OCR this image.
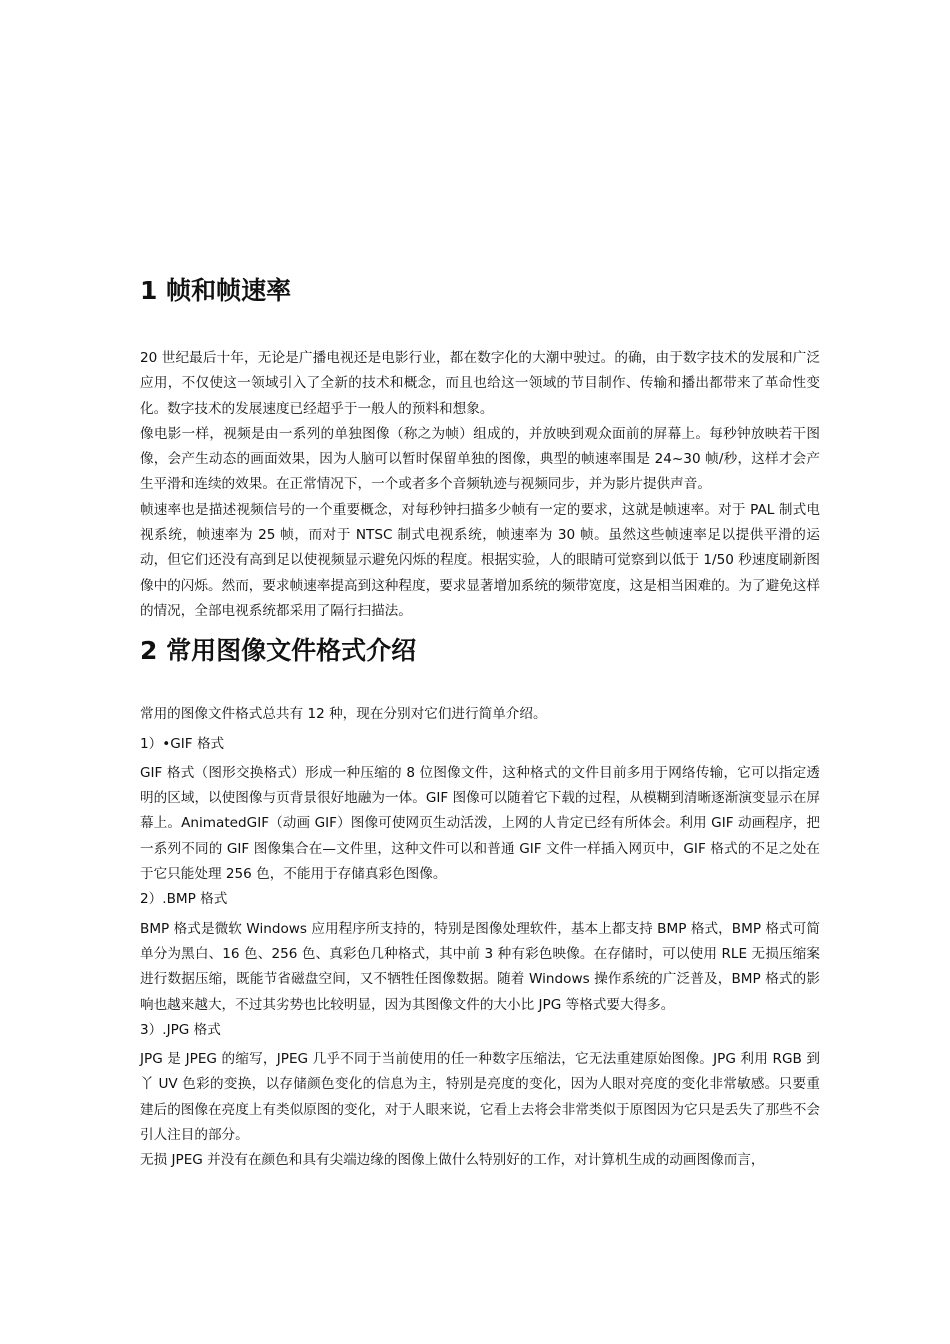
1 帧和帧速率

20 世纪最后十年，无论是广播电视还是电影行业，都在数字化的大潮中驶过。的确，由于数字技术的发展和广泛应用，不仅使这一领域引入了全新的技术和概念，而且也给这一领域的节目制作、传输和播出都带来了革命性变化。数字技术的发展速度已经超乎于一般人的预料和想象。

像电影一样，视频是由一系列的单独图像（称之为帧）组成的，并放映到观众面前的屏幕上。每秒钟放映若干图像，会产生动态的画面效果，因为人脑可以暂时保留单独的图像，典型的帧速率围是 24~30 帧/秒，这样才会产生平滑和连续的效果。在正常情况下，一个或者多个音频轨迹与视频同步，并为影片提供声音。

帧速率也是描述视频信号的一个重要概念，对每秒钟扫描多少帧有一定的要求，这就是帧速率。对于 PAL 制式电视系统，帧速率为 25 帧，而对于 NTSC 制式电视系统，帧速率为 30 帧。虽然这些帧速率足以提供平滑的运动，但它们还没有高到足以使视频显示避免闪烁的程度。根据实验，人的眼睛可觉察到以低于 1/50 秒速度刷新图像中的闪烁。然而，要求帧速率提高到这种程度，要求显著增加系统的频带宽度，这是相当困难的。为了避免这样的情况，全部电视系统都采用了隔行扫描法。

2 常用图像文件格式介绍

常用的图像文件格式总共有 12 种，现在分别对它们进行简单介绍。

1）•GIF 格式

GIF 格式（图形交换格式）形成一种压缩的 8 位图像文件，这种格式的文件目前多用于网络传输，它可以指定透明的区域，以使图像与页背景很好地融为一体。GIF 图像可以随着它下载的过程，从模糊到清晰逐渐演变显示在屏幕上。AnimatedGIF（动画 GIF）图像可使网页生动活泼，上网的人肯定已经有所体会。利用 GIF 动画程序，把一系列不同的 GIF 图像集合在—文件里，这种文件可以和普通 GIF 文件一样插入网页中，GIF 格式的不足之处在于它只能处理 256 色，不能用于存储真彩色图像。

2）.BMP 格式

BMP 格式是微软 Windows 应用程序所支持的，特别是图像处理软件，基本上都支持 BMP 格式，BMP 格式可简单分为黑白、16 色、256 色、真彩色几种格式，其中前 3 种有彩色映像。在存储时，可以使用 RLE 无损压缩案进行数据压缩，既能节省磁盘空间，又不牺牲任图像数据。随着 Windows 操作系统的广泛普及，BMP 格式的影响也越来越大，不过其劣势也比较明显，因为其图像文件的大小比 JPG 等格式要大得多。

3）.JPG 格式

JPG 是 JPEG 的缩写，JPEG 几乎不同于当前使用的任一种数字压缩法，它无法重建原始图像。JPG 利用 RGB 到丫 UV 色彩的变换，以存储颜色变化的信息为主，特别是亮度的变化，因为人眼对亮度的变化非常敏感。只要重建后的图像在亮度上有类似原图的变化，对于人眼来说，它看上去将会非常类似于原图因为它只是丢失了那些不会引人注目的部分。

无损 JPEG 并没有在颜色和具有尖端边缘的图像上做什么特别好的工作，对计算机生成的动画图像而言，
